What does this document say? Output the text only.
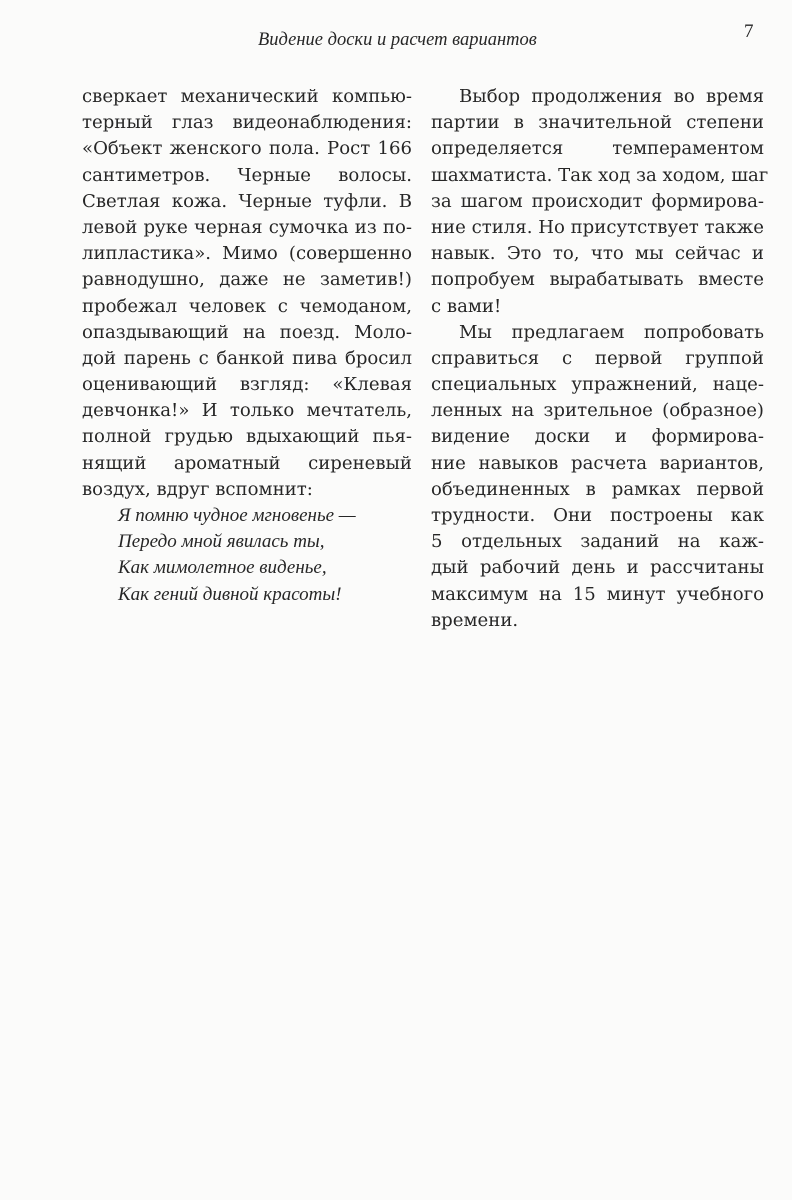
Видение доски и расчет вариантов	7
сверкает механический компью-
терный глаз видеонаблюдения:
«Объект женского пола. Рост 166
сантиметров. Черные волосы.
Светлая кожа. Черные туфли. В
левой руке черная сумочка из по-
липластика». Мимо (совершенно
равнодушно, даже не заметив!)
пробежал человек с чемоданом,
опаздывающий на поезд. Моло-
дой парень с банкой пива бросил
оценивающий взгляд: «Клевая
девчонка!» И только мечтатель,
полной грудью вдыхающий пья-
нящий ароматный сиреневый
воздух, вдруг вспомнит:
Я помню чудное мгновенье —
Передо мной явилась ты,
Как мимолетное виденье,
Как гений дивной красоты!
Выбор продолжения во время
партии в значительной степени
определяется темпераментом
шахматиста. Так ход за ходом, шаг
за шагом происходит формирова-
ние стиля. Но присутствует также
навык. Это то, что мы сейчас и
попробуем вырабатывать вместе
с вами!
Мы предлагаем попробовать
справиться с первой группой
специальных упражнений, наце-
ленных на зрительное (образное)
видение доски и формирова-
ние навыков расчета вариантов,
объединенных в рамках первой
трудности. Они построены как
5 отдельных заданий на каж-
дый рабочий день и рассчитаны
максимум на 15 минут учебного
времени.
